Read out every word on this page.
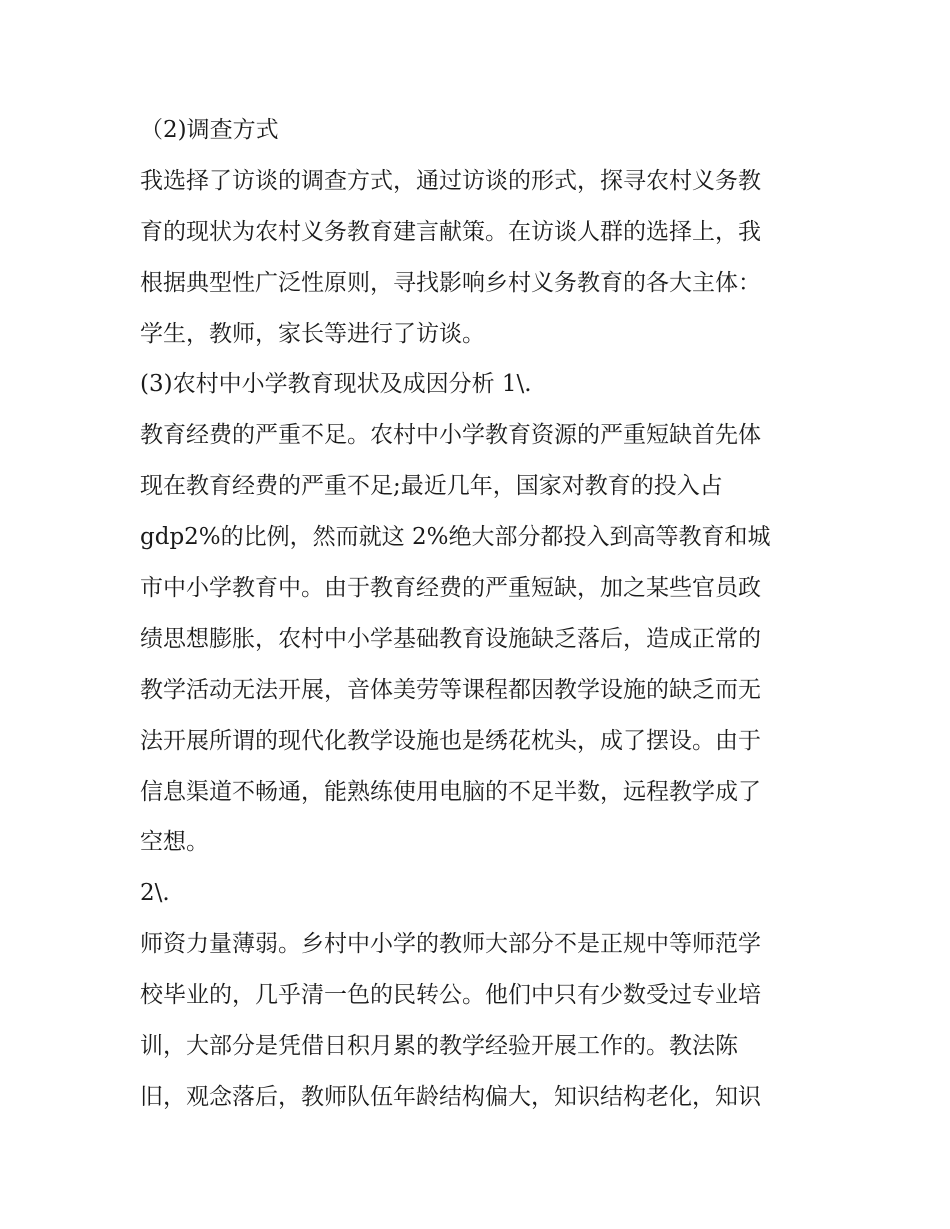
（2)调查方式
我选择了访谈的调查方式，通过访谈的形式，探寻农村义务教
育的现状为农村义务教育建言献策。在访谈人群的选择上，我
根据典型性广泛性原则，寻找影响乡村义务教育的各大主体：
学生，教师，家长等进行了访谈。
(3)农村中小学教育现状及成因分析 1\.
教育经费的严重不足。农村中小学教育资源的严重短缺首先体
现在教育经费的严重不足;最近几年，国家对教育的投入占
gdp2%的比例，然而就这 2%绝大部分都投入到高等教育和城
市中小学教育中。由于教育经费的严重短缺，加之某些官员政
绩思想膨胀，农村中小学基础教育设施缺乏落后，造成正常的
教学活动无法开展，音体美劳等课程都因教学设施的缺乏而无
法开展所谓的现代化教学设施也是绣花枕头，成了摆设。由于
信息渠道不畅通，能熟练使用电脑的不足半数，远程教学成了
空想。
2\.
师资力量薄弱。乡村中小学的教师大部分不是正规中等师范学
校毕业的，几乎清一色的民转公。他们中只有少数受过专业培
训，大部分是凭借日积月累的教学经验开展工作的。教法陈
旧，观念落后，教师队伍年龄结构偏大，知识结构老化，知识
